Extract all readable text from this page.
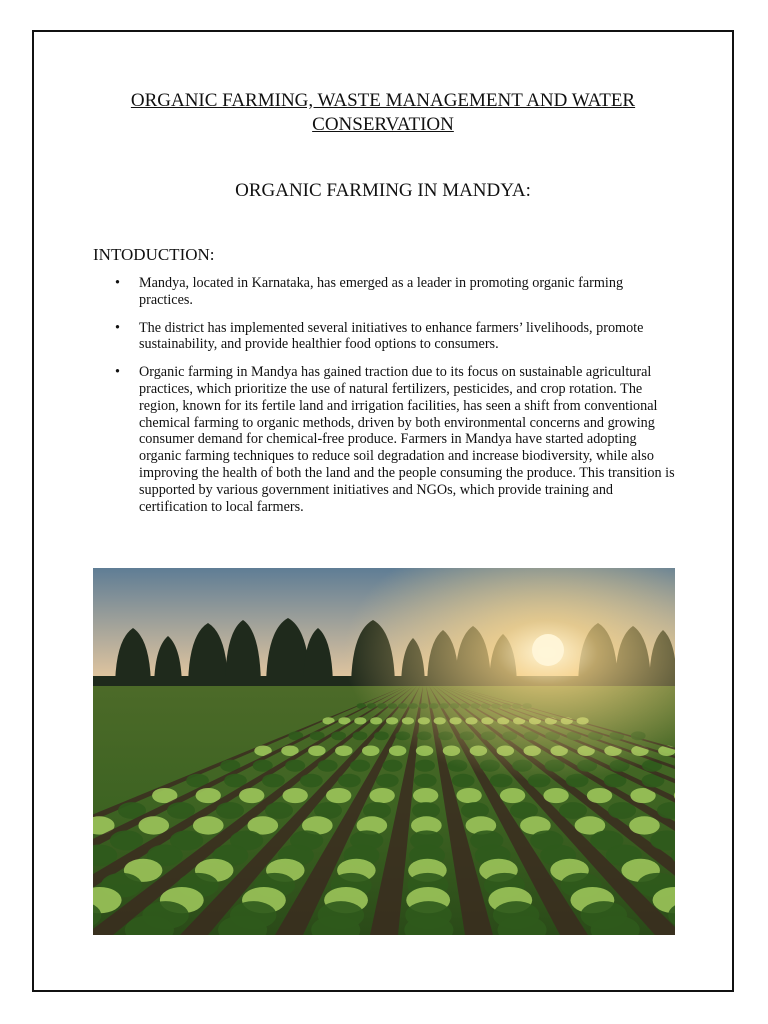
ORGANIC FARMING, WASTE MANAGEMENT AND WATER CONSERVATION
ORGANIC FARMING IN MANDYA:
INTODUCTION:
• Mandya, located in Karnataka, has emerged as a leader in promoting organic farming practices.
• The district has implemented several initiatives to enhance farmers’ livelihoods, promote sustainability, and provide healthier food options to consumers.
• Organic farming in Mandya has gained traction due to its focus on sustainable agricultural practices, which prioritize the use of natural fertilizers, pesticides, and crop rotation. The region, known for its fertile land and irrigation facilities, has seen a shift from conventional chemical farming to organic methods, driven by both environmental concerns and growing consumer demand for chemical-free produce. Farmers in Mandya have started adopting organic farming techniques to reduce soil degradation and increase biodiversity, while also improving the health of both the land and the people consuming the produce. This transition is supported by various government initiatives and NGOs, which provide training and certification to local farmers.
